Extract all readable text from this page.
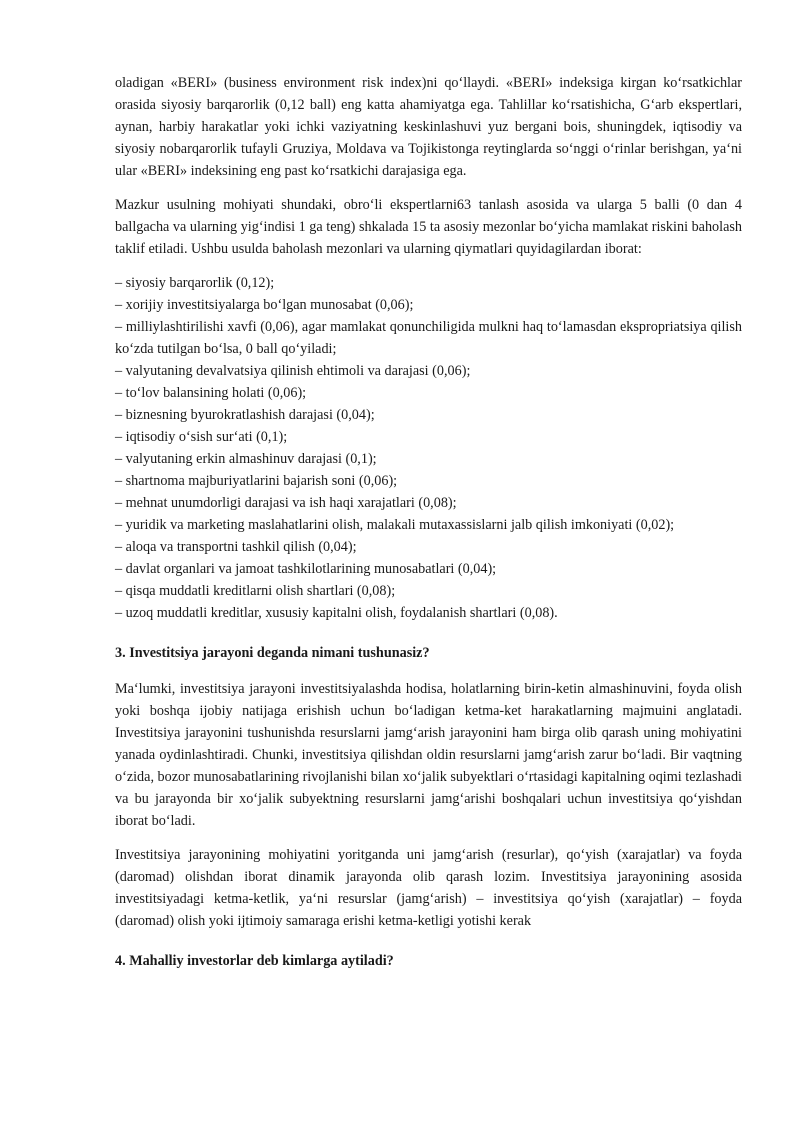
oladigan «BERI» (business environment risk index)ni qo‘llaydi. «BERI» indeksiga kirgan ko‘rsatkichlar orasida siyosiy barqarorlik (0,12 ball) eng katta ahamiyatga ega. Tahlillar ko‘rsatishicha, G‘arb ekspertlari, aynan, harbiy harakatlar yoki ichki vaziyatning keskinlashuvi yuz bergani bois, shuningdek, iqtisodiy va siyosiy nobarqarorlik tufayli Gruziya, Moldava va Tojikistonga reytinglarda so‘nggi o‘rinlar berishgan, ya‘ni ular «BERI» indeksining eng past ko‘rsatkichi darajasiga ega.

Mazkur usulning mohiyati shundaki, obro‘li ekspertlarni63 tanlash asosida va ularga 5 balli (0 dan 4 ballgacha va ularning yig‘indisi 1 ga teng) shkalada 15 ta asosiy mezonlar bo‘yicha mamlakat riskini baholash taklif etiladi. Ushbu usulda baholash mezonlari va ularning qiymatlari quyidagilardan iborat:

– siyosiy barqarorlik (0,12);

– xorijiy investitsiyalarga bo‘lgan munosabat (0,06);

– milliylashtirilishi xavfi (0,06), agar mamlakat qonunchiligida mulkni haq to‘lamasdan ekspropriatsiya qilish ko‘zda tutilgan bo‘lsa, 0 ball qo‘yiladi;

– valyutaning devalvatsiya qilinish ehtimoli va darajasi (0,06);

– to‘lov balansining holati (0,06);

– biznesning byurokratlashish darajasi (0,04);

– iqtisodiy o‘sish sur‘ati (0,1);

– valyutaning erkin almashinuv darajasi (0,1);

– shartnoma majburiyatlarini bajarish soni (0,06);

– mehnat unumdorligi darajasi va ish haqi xarajatlari (0,08);

– yuridik va marketing maslahatlarini olish, malakali mutaxassislarni jalb qilish imkoniyati (0,02);

– aloqa va transportni tashkil qilish (0,04);

– davlat organlari va jamoat tashkilotlarining munosabatlari (0,04);

– qisqa muddatli kreditlarni olish shartlari (0,08);

– uzoq muddatli kreditlar, xususiy kapitalni olish, foydalanish shartlari (0,08).

3. Investitsiya jarayoni deganda nimani tushunasiz?

Ma‘lumki, investitsiya jarayoni investitsiyalashda hodisa, holatlarning birin-ketin almashinuvini, foyda olish yoki boshqa ijobiy natijaga erishish uchun bo‘ladigan ketma-ket harakatlarning majmuini anglatadi. Investitsiya jarayonini tushunishda resurslarni jamg‘arish jarayonini ham birga olib qarash uning mohiyatini yanada oydinlashtiradi. Chunki, investitsiya qilishdan oldin resurslarni jamg‘arish zarur bo‘ladi. Bir vaqtning o‘zida, bozor munosabatlarining rivojlanishi bilan xo‘jalik subyektlari o‘rtasidagi kapitalning oqimi tezlashadi va bu jarayonda bir xo‘jalik subyektning resurslarni jamg‘arishi boshqalari uchun investitsiya qo‘yishdan iborat bo‘ladi.

Investitsiya jarayonining mohiyatini yoritganda uni jamg‘arish (resurlar), qo‘yish (xarajatlar) va foyda (daromad) olishdan iborat dinamik jarayonda olib qarash lozim. Investitsiya jarayonining asosida investitsiyadagi ketma-ketlik, ya‘ni resurslar (jamg‘arish) – investitsiya qo‘yish (xarajatlar) – foyda (daromad) olish yoki ijtimoiy samaraga erishi ketma-ketligi yotishi kerak

4. Mahalliy investorlar deb kimlarga aytiladi?
